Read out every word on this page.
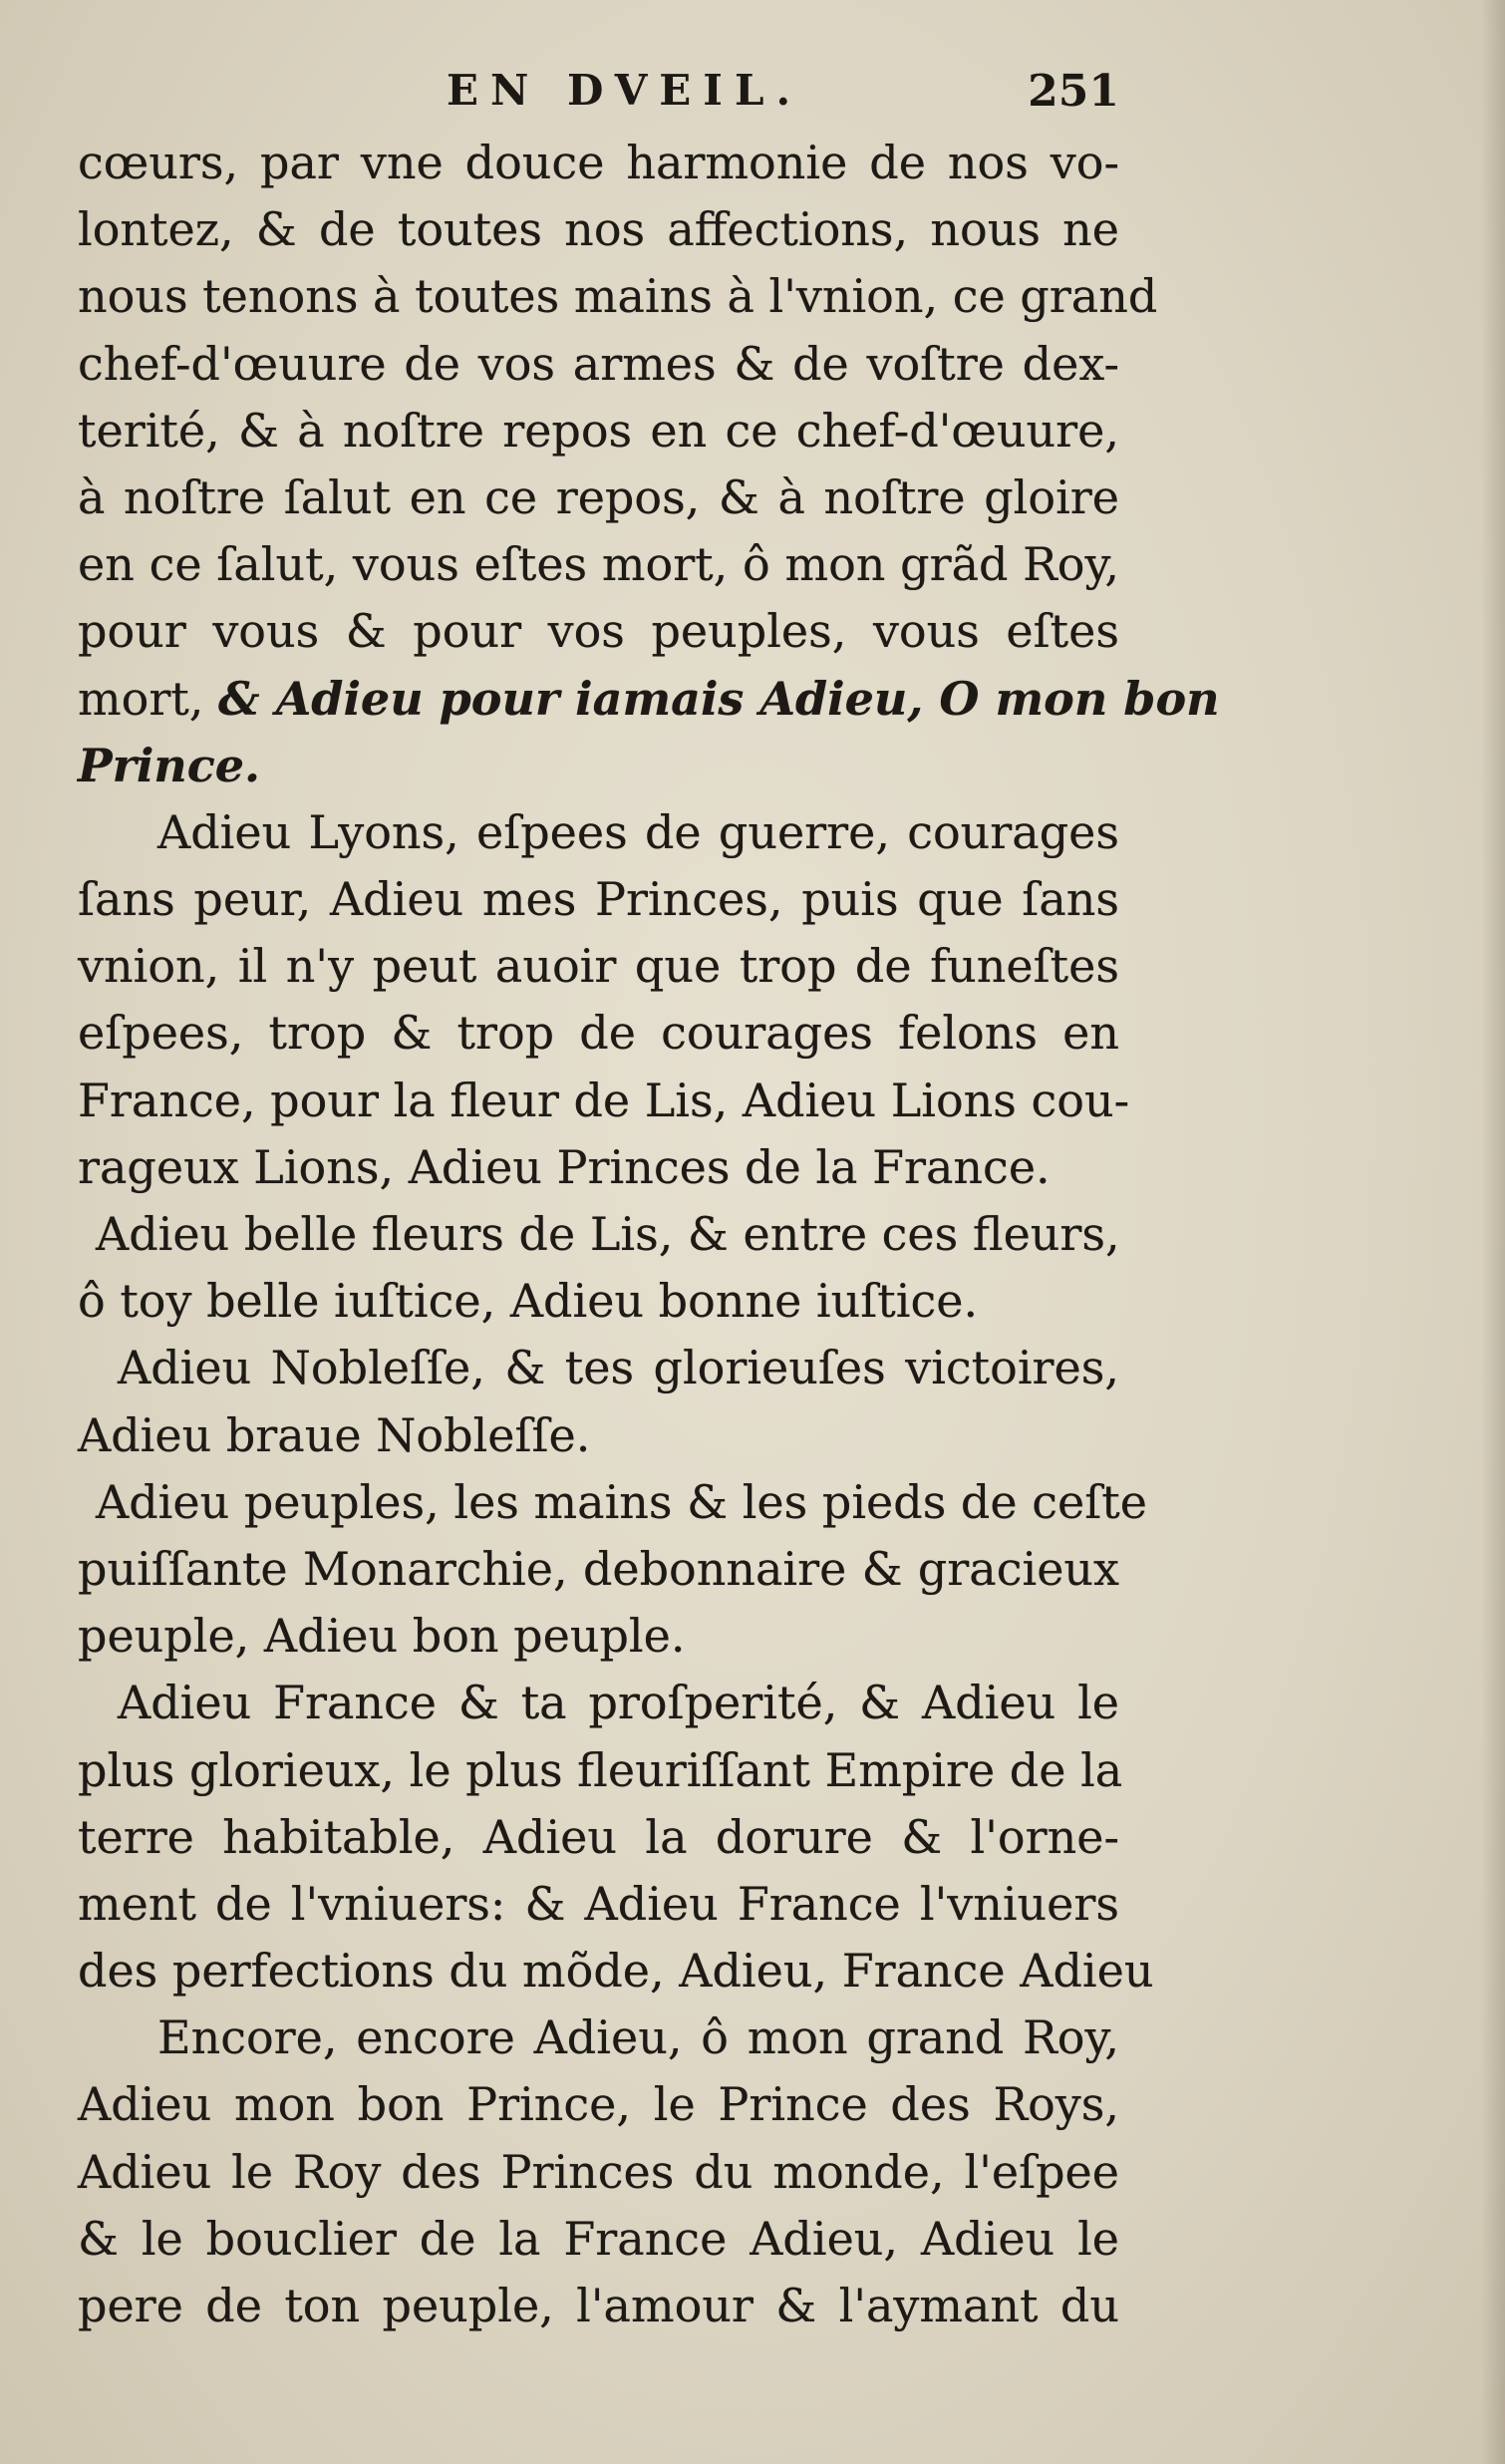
EN DVEIL.	251
cœurs, par vne douce harmonie de nos vo-
lontez, & de toutes nos affections, nous ne
nous tenons à toutes mains à l'vnion, ce grand
chef-d'œuure de vos armes & de voſtre dex-
terité, & à noſtre repos en ce chef-d'œuure,
à noſtre ſalut en ce repos, & à noſtre gloire
en ce ſalut, vous eſtes mort, ô mon grãd Roy,
pour vous & pour vos peuples, vous eſtes
mort, & Adieu pour iamais Adieu, O mon bon
Prince.
Adieu Lyons, eſpees de guerre, courages
ſans peur, Adieu mes Princes, puis que ſans
vnion, il n'y peut auoir que trop de funeſtes
eſpees, trop & trop de courages felons en
France, pour la fleur de Lis, Adieu Lions cou-
rageux Lions, Adieu Princes de la France.
Adieu belle fleurs de Lis, & entre ces fleurs,
ô toy belle iuſtice, Adieu bonne iuſtice.
Adieu Nobleſſe, & tes glorieuſes victoires,
Adieu braue Nobleſſe.
Adieu peuples, les mains & les pieds de ceſte
puiſſante Monarchie, debonnaire & gracieux
peuple, Adieu bon peuple.
Adieu France & ta proſperité, & Adieu le
plus glorieux, le plus fleuriſſant Empire de la
terre habitable, Adieu la dorure & l'orne-
ment de l'vniuers: & Adieu France l'vniuers
des perfections du mõde, Adieu, France Adieu
Encore, encore Adieu, ô mon grand Roy,
Adieu mon bon Prince, le Prince des Roys,
Adieu le Roy des Princes du monde, l'eſpee
& le bouclier de la France Adieu, Adieu le
pere de ton peuple, l'amour & l'aymant du
